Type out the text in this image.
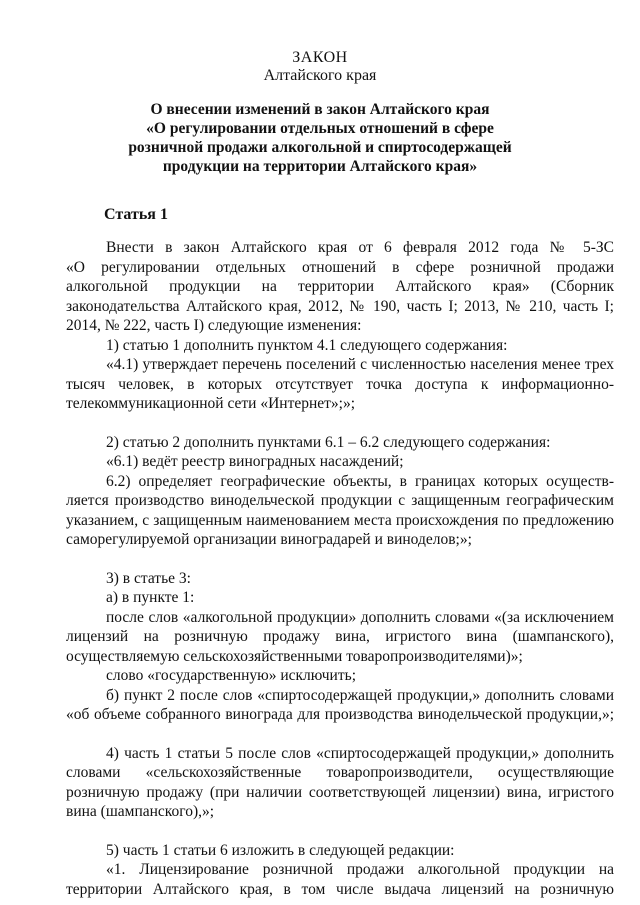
ЗАКОН
Алтайского края
О внесении изменений в закон Алтайского края
«О регулировании отдельных отношений в сфере
розничной продажи алкогольной и спиртосодержащей
продукции на территории Алтайского края»
Статья 1

Внести в закон Алтайского края от 6 февраля 2012 года № 5-ЗС

«О регулировании отдельных отношений в сфере розничной продажи

алкогольной продукции на территории Алтайского края» (Сборник

законодательства Алтайского края, 2012, № 190, часть I; 2013, № 210, часть I;

2014, № 222, часть I) следующие изменения:

1) статью 1 дополнить пунктом 4.1 следующего содержания:

«4.1) утверждает перечень поселений с численностью населения менее трех

тысяч человек, в которых отсутствует точка доступа к информационно-

телекоммуникационной сети «Интернет»;»;

2) статью 2 дополнить пунктами 6.1 – 6.2 следующего содержания:

«6.1) ведёт реестр виноградных насаждений;

6.2) определяет географические объекты, в границах которых осуществ-

ляется производство винодельческой продукции с защищенным географическим

указанием, с защищенным наименованием места происхождения по предложению

саморегулируемой организации виноградарей и виноделов;»;

3) в статье 3:

а) в пункте 1:

после слов «алкогольной продукции» дополнить словами «(за исключением

лицензий на розничную продажу вина, игристого вина (шампанского),

осуществляемую сельскохозяйственными товаропроизводителями)»;

слово «государственную» исключить;

б) пункт 2 после слов «спиртосодержащей продукции,» дополнить словами

«об объеме собранного винограда для производства винодельческой продукции,»;

4) часть 1 статьи 5 после слов «спиртосодержащей продукции,» дополнить

словами «сельскохозяйственные товаропроизводители, осуществляющие

розничную продажу (при наличии соответствующей лицензии) вина, игристого

вина (шампанского),»;

5) часть 1 статьи 6 изложить в следующей редакции:

«1. Лицензирование розничной продажи алкогольной продукции на

территории Алтайского края, в том числе выдача лицензий на розничную
